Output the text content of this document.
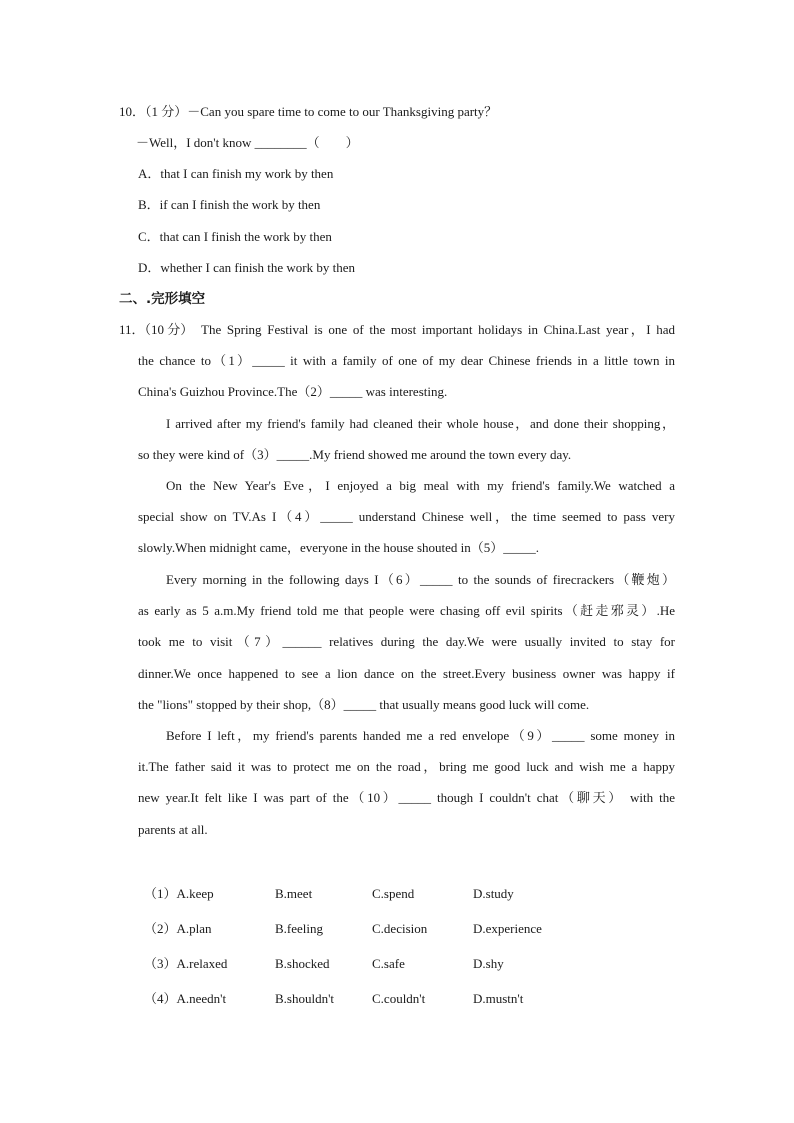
10．（1 分）－Can you spare time to come to our Thanksgiving party？
－Well，I don't know ________（　　）
A．that I can finish my work by then
B．if can I finish the work by then
C．that can I finish the work by then
D．whether I can finish the work by then
二、.完形填空
11．（10 分） The Spring Festival is one of the most important holidays in China.Last year，I had
the chance to（1）_____ it with a family of one of my dear Chinese friends in a little town in
China's Guizhou Province.The（2）_____ was interesting.
I arrived after my friend's family had cleaned their whole house，and done their shopping，
so they were kind of（3）_____.My friend showed me around the town every day.
On the New Year's Eve，I enjoyed a big meal with my friend's family.We watched a
special show on TV.As I（4）_____ understand Chinese well，the time seemed to pass very
slowly.When midnight came，everyone in the house shouted in（5）_____.
Every morning in the following days I（6）_____ to the sounds of firecrackers（鞭炮）
as early as 5 a.m.My friend told me that people were chasing off evil spirits（赶走邪灵）.He
took me to visit（7）______ relatives during the day.We were usually invited to stay for
dinner.We once happened to see a lion dance on the street.Every business owner was happy if
the "lions" stopped by their shop,（8）_____ that usually means good luck will come.
Before I left，my friend's parents handed me a red envelope（9）_____ some money in
it.The father said it was to protect me on the road，bring me good luck and wish me a happy
new year.It felt like I was part of the（10）_____ though I couldn't chat（聊天） with the
parents at all.
（1）A.keep	B.meet	C.spend	D.study
（2）A.plan	B.feeling	C.decision	D.experience
（3）A.relaxed	B.shocked	C.safe	D.shy
（4）A.needn't	B.shouldn't	C.couldn't	D.mustn't
